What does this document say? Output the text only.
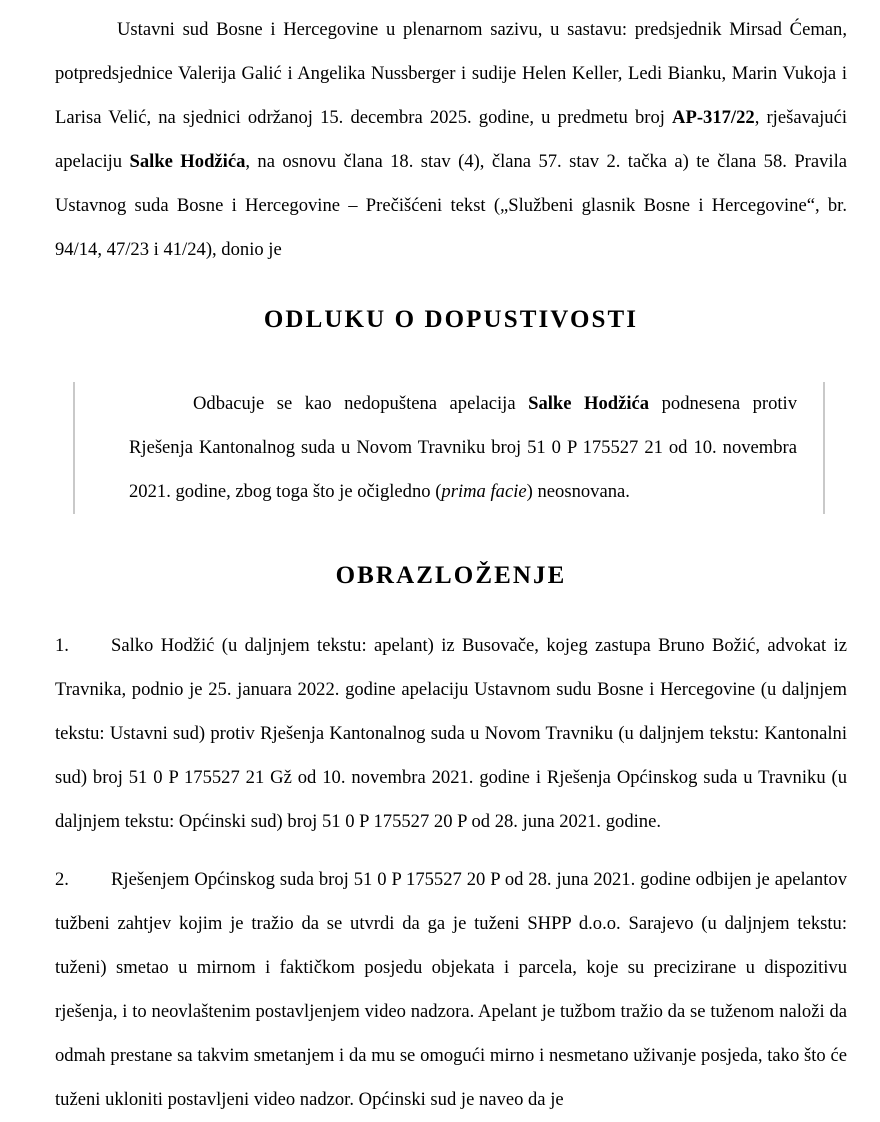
Ustavni sud Bosne i Hercegovine u plenarnom sazivu, u sastavu: predsjednik Mirsad Ćeman, potpredsjednice Valerija Galić i Angelika Nussberger i sudije Helen Keller, Ledi Bianku, Marin Vukoja i Larisa Velić, na sjednici održanoj 15. decembra 2025. godine, u predmetu broj AP-317/22, rješavajući apelaciju Salke Hodžića, na osnovu člana 18. stav (4), člana 57. stav 2. tačka a) te člana 58. Pravila Ustavnog suda Bosne i Hercegovine – Prečišćeni tekst („Službeni glasnik Bosne i Hercegovine“, br. 94/14, 47/23 i 41/24), donio je

ODLUKU O DOPUSTIVOSTI

Odbacuje se kao nedopuštena apelacija Salke Hodžića podnesena protiv Rješenja Kantonalnog suda u Novom Travniku broj 51 0 P 175527 21 od 10. novembra 2021. godine, zbog toga što je očigledno (prima facie) neosnovana.

OBRAZLOŽENJE

1. Salko Hodžić (u daljnjem tekstu: apelant) iz Busovače, kojeg zastupa Bruno Božić, advokat iz Travnika, podnio je 25. januara 2022. godine apelaciju Ustavnom sudu Bosne i Hercegovine (u daljnjem tekstu: Ustavni sud) protiv Rješenja Kantonalnog suda u Novom Travniku (u daljnjem tekstu: Kantonalni sud) broj 51 0 P 175527 21 Gž od 10. novembra 2021. godine i Rješenja Općinskog suda u Travniku (u daljnjem tekstu: Općinski sud) broj 51 0 P 175527 20 P od 28. juna 2021. godine.

2. Rješenjem Općinskog suda broj 51 0 P 175527 20 P od 28. juna 2021. godine odbijen je apelantov tužbeni zahtjev kojim je tražio da se utvrdi da ga je tuženi SHPP d.o.o. Sarajevo (u daljnjem tekstu: tuženi) smetao u mirnom i faktičkom posjedu objekata i parcela, koje su precizirane u dispozitivu rješenja, i to neovlaštenim postavljenjem video nadzora. Apelant je tužbom tražio da se tuženom naloži da odmah prestane sa takvim smetanjem i da mu se omogući mirno i nesmetano uživanje posjeda, tako što će tuženi ukloniti postavljeni video nadzor. Općinski sud je naveo da je
